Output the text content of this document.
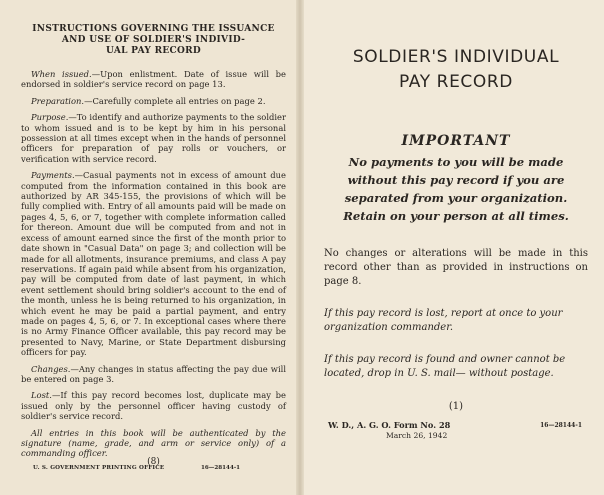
INSTRUCTIONS GOVERNING THE ISSUANCE
AND USE OF SOLDIER'S INDIVID-
UAL PAY RECORD

When issued.—Upon enlistment. Date of issue will be endorsed in soldier's service record on page 13.

Preparation.—Carefully complete all entries on page 2.

Purpose.—To identify and authorize payments to the soldier to whom issued and is to be kept by him in his personal possession at all times except when in the hands of personnel officers for preparation of pay rolls or vouchers, or verification with service record.

Payments.—Casual payments not in excess of amount due computed from the information contained in this book are authorized by AR 345-155, the provisions of which will be fully complied with. Entry of all amounts paid will be made on pages 4, 5, 6, or 7, together with complete information called for thereon. Amount due will be computed from and not in excess of amount earned since the first of the month prior to date shown in "Casual Data" on page 3; and collection will be made for all allotments, insurance premiums, and class A pay reservations. If again paid while absent from his organization, pay will be computed from date of last payment, in which event settlement should bring soldier's account to the end of the month, unless he is being returned to his organization, in which event he may be paid a partial payment, and entry made on pages 4, 5, 6, or 7. In exceptional cases where there is no Army Finance Officer available, this pay record may be presented to Navy, Marine, or State Department disbursing officers for pay.

Changes.—Any changes in status affecting the pay due will be entered on page 3.

Lost.—If this pay record becomes lost, duplicate may be issued only by the personnel officer having custody of soldier's service record.

All entries in this book will be authenticated by the signature (name, grade, and arm or service only) of a commanding officer.

(8)
U. S. GOVERNMENT PRINTING OFFICE	16—28144-1
SOLDIER'S INDIVIDUAL
PAY RECORD
IMPORTANT

No payments to you will be made without this pay record if you are separated from your organization. Retain on your person at all times.

No changes or alterations will be made in this record other than as provided in instructions on page 8.

If this pay record is lost, report at once to your organization commander.

If this pay record is found and owner cannot be located, drop in U. S. mail— without postage.

(1)
W. D., A. G. O. Form No. 28
March 26, 1942
16—28144-1
